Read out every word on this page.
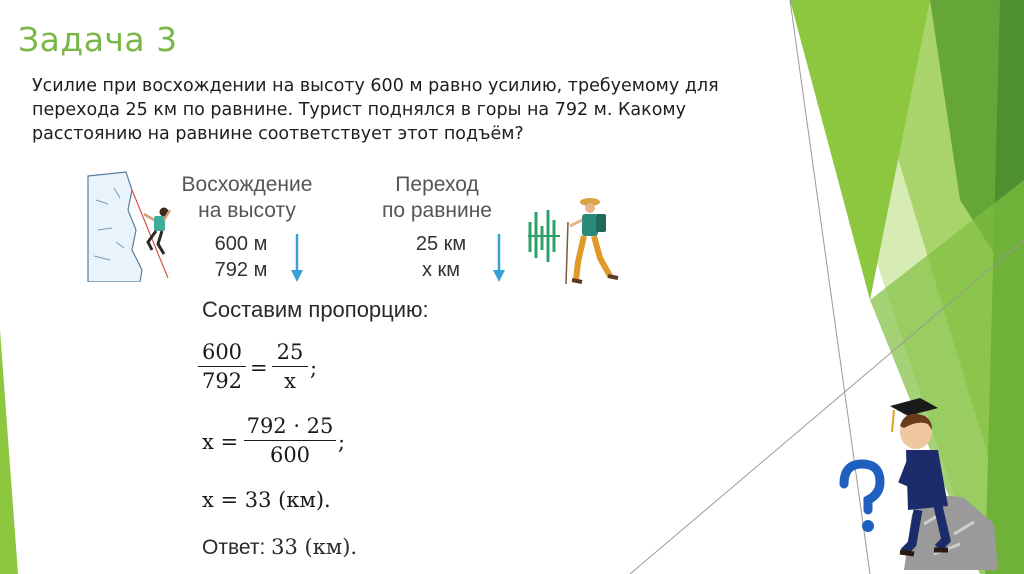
Задача 3
Усилие при восхождении на высоту 600 м равно усилию, требуемому для перехода 25 км по равнине. Турист поднялся в горы на 792 м. Какому расстоянию на равнине соответствует этот подъём?
Восхождение
на высоту
600 м
792 м
Переход
по равнине
25 км
х км
Составим пропорцию:
$\frac{600}{792} = \frac{25}{x}$ ;
$x = \frac{792 \cdot 25}{600}$ ;
x = 33 (км).
Ответ: 33 (км).
